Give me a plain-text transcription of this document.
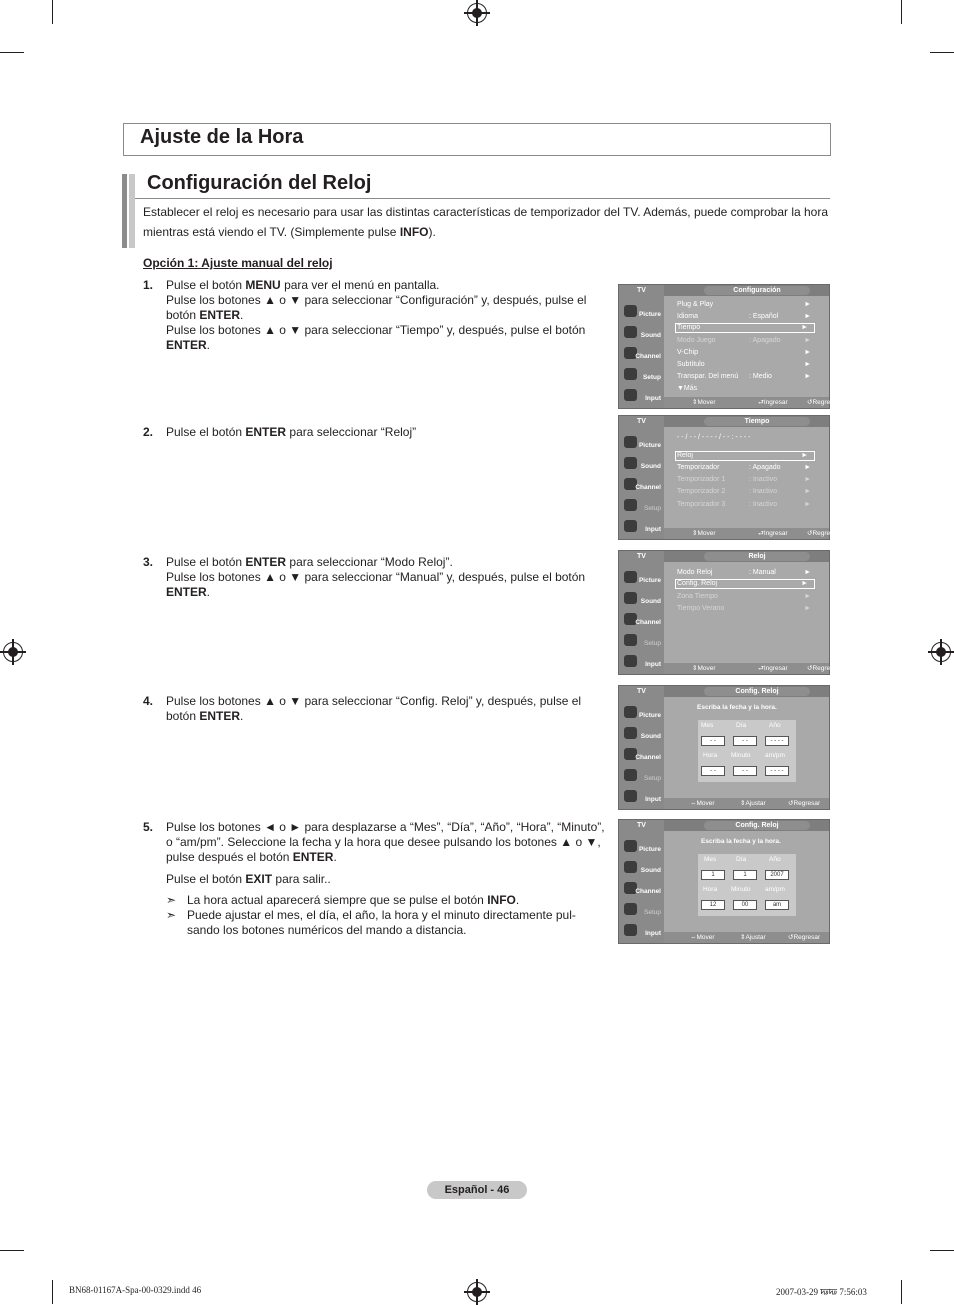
Ajuste de la Hora
Configuración del Reloj
Establecer el reloj es necesario para usar las distintas características de temporizador del TV. Además, puede comprobar la hora mientras está viendo el TV. (Simplemente pulse INFO).
Opción 1: Ajuste manual del reloj
1. Pulse el botón MENU para ver el menú en pantalla.
Pulse los botones ▲ o ▼ para seleccionar “Configuración” y, después, pulse el botón ENTER.
Pulse los botones ▲ o ▼ para seleccionar “Tiempo” y, después, pulse el botón ENTER.
2. Pulse el botón ENTER para seleccionar “Reloj”
3. Pulse el botón ENTER para seleccionar “Modo Reloj”.
Pulse los botones ▲ o ▼ para seleccionar “Manual” y, después, pulse el botón ENTER.
4. Pulse los botones ▲ o ▼ para seleccionar “Config. Reloj” y, después, pulse el botón ENTER.
5. Pulse los botones ◄ o ► para desplazarse a “Mes”, “Día”, “Año”, “Hora”, “Minuto”, o “am/pm”. Seleccione la fecha y la hora que desee pulsando los botones ▲ o ▼, pulse después el botón ENTER.
Pulse el botón EXIT para salir..
➣ La hora actual aparecerá siempre que se pulse el botón INFO.
➣ Puede ajustar el mes, el día, el año, la hora y el minuto directamente pul-sando los botones numéricos del mando a distancia.
TV	Configuración
Picture
Sound
Channel
Setup
Input
Plug & Play	►
Idioma	: Español	►
Tiempo	►
Modo Juego	: Apagado	►
V-Chip	►
Subtítulo	►
Transpar. Del menú : Medio	►
▼Más
⇕ Mover	⮐ Ingresar	↺ Regresar
TV	Tiempo
Picture
Sound
Channel
Setup
Input
- - / - - / - - - - / - - : - - - -
Reloj	►
Temporizador	: Apagado	►
Temporizador 1	: Inactivo	►
Temporizador 2	: Inactivo	►
Temporizador 3	: Inactivo	►
⇕ Mover	⮐ Ingresar	↺ Regresar
TV	Reloj
Picture
Sound
Channel
Setup
Input
Modo Reloj	: Manual	►
Config. Reloj	►
Zona Tiempo	►
Tiempo Verano	►
⇕ Mover	⮐ Ingresar	↺ Regresar
TV	Config. Reloj
Picture
Sound
Channel
Setup
Input
Escriba la fecha y la hora.
Mes	Día	Año
- -	- -	- - - -
Hora Minuto am/pm
- -	- -	- - - -
⇔ Mover	⇕ Ajustar	↺ Regresar
TV	Config. Reloj
Picture
Sound
Channel
Setup
Input
Escriba la fecha y la hora.
Mes	Día	Año
1	1	2007
Hora Minuto am/pm
12	00	am
⇔ Mover	⇕ Ajustar	↺ Regresar
Español - 46
BN68-01167A-Spa-00-0329.indd 46	2007-03-29 ꠏꠏ 7:56:03
